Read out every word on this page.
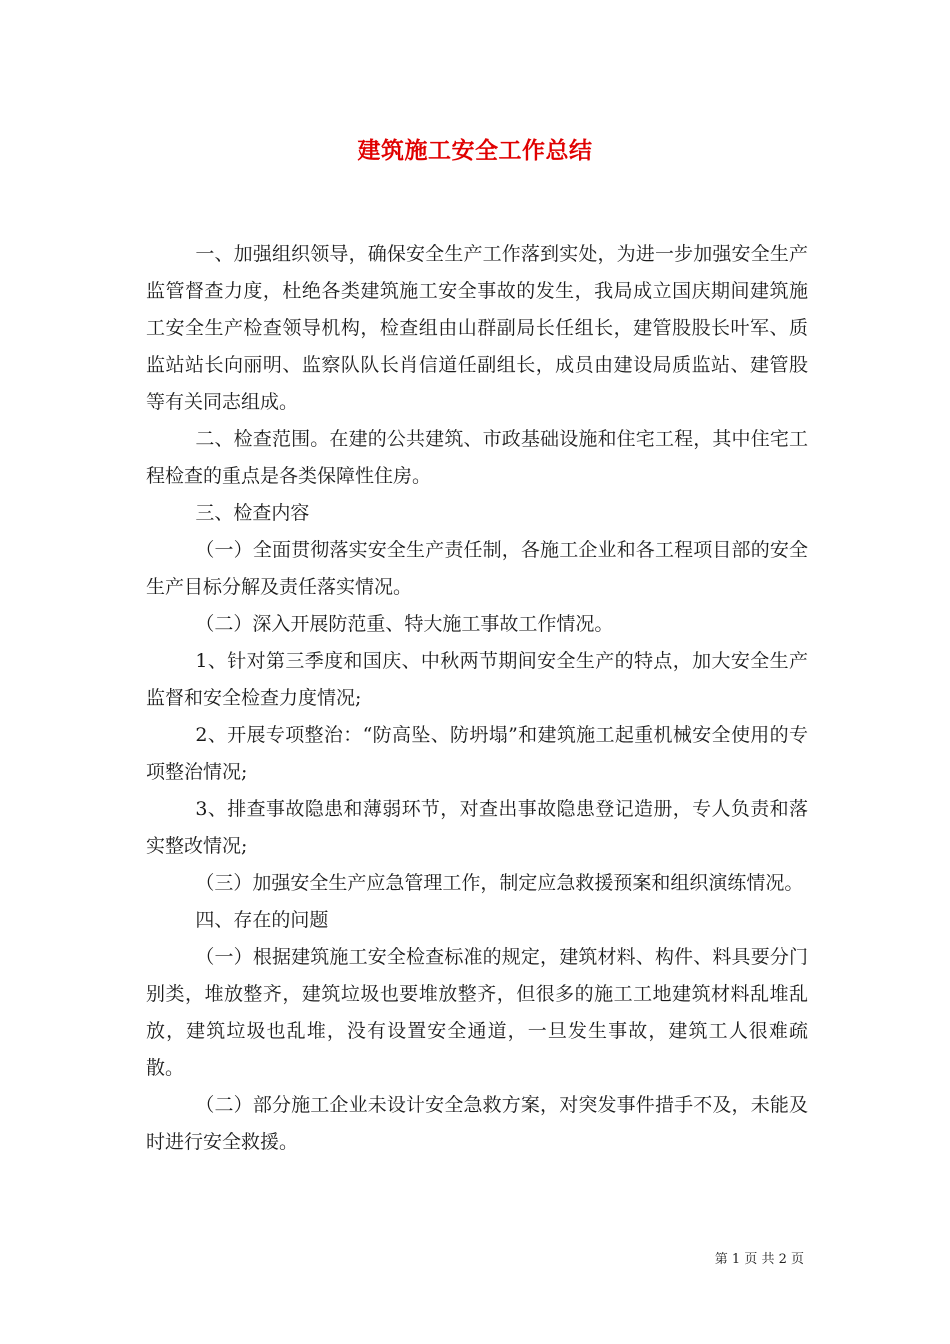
建筑施工安全工作总结

一、加强组织领导，确保安全生产工作落到实处，为进一步加强安全生产监管督查力度，杜绝各类建筑施工安全事故的发生，我局成立国庆期间建筑施工安全生产检查领导机构，检查组由山群副局长任组长，建管股股长叶军、质监站站长向丽明、监察队队长肖信道任副组长，成员由建设局质监站、建管股等有关同志组成。

二、检查范围。在建的公共建筑、市政基础设施和住宅工程，其中住宅工程检查的重点是各类保障性住房。

三、检查内容

（一）全面贯彻落实安全生产责任制，各施工企业和各工程项目部的安全生产目标分解及责任落实情况。

（二）深入开展防范重、特大施工事故工作情况。

1、针对第三季度和国庆、中秋两节期间安全生产的特点，加大安全生产监督和安全检查力度情况;

2、开展专项整治：“防高坠、防坍塌”和建筑施工起重机械安全使用的专项整治情况;

3、排查事故隐患和薄弱环节，对查出事故隐患登记造册，专人负责和落实整改情况;

（三）加强安全生产应急管理工作，制定应急救援预案和组织演练情况。

四、存在的问题

（一）根据建筑施工安全检查标准的规定，建筑材料、构件、料具要分门别类，堆放整齐，建筑垃圾也要堆放整齐，但很多的施工工地建筑材料乱堆乱放，建筑垃圾也乱堆，没有设置安全通道，一旦发生事故，建筑工人很难疏散。

（二）部分施工企业未设计安全急救方案，对突发事件措手不及，未能及时进行安全救援。

第 1 页 共 2 页
